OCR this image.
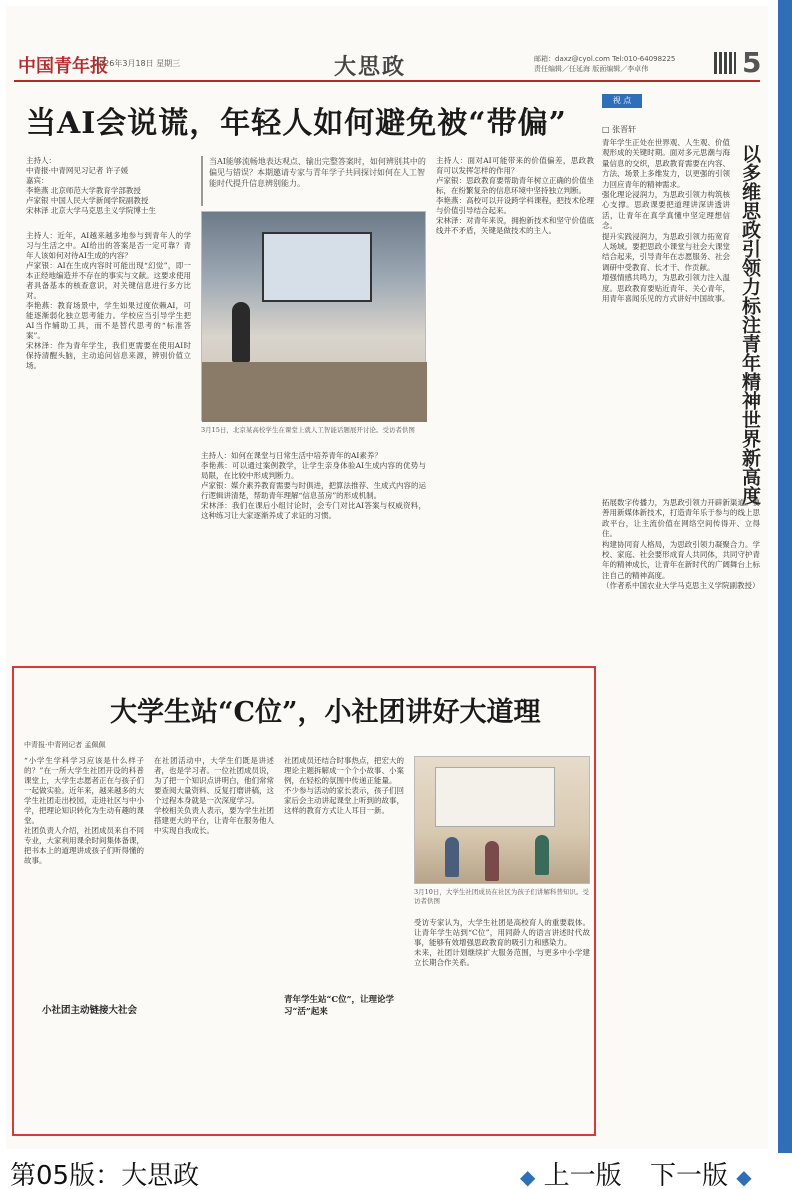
中国青年报
2026年3月18日 星期三	大思政	邮箱：daxz@cyol.com Tel:010-64098225
责任编辑／任延海 版面编辑／李卓伟	5
当AI会说谎，年轻人如何避免被“带偏”
主持人：
中青报·中青网见习记者 许子媛
嘉宾：
李艳燕 北京师范大学教育学部教授
卢家银 中国人民大学新闻学院副教授
宋林泽 北京大学马克思主义学院博士生
主持人：近年，AI越来越多地参与到青年人的学习与生活之中。AI给出的答案是否一定可靠？青年人该如何对待AI生成的内容？
卢家银：AI在生成内容时可能出现“幻觉”，即一本正经地编造并不存在的事实与文献。这要求使用者具备基本的核查意识，对关键信息进行多方比对。
李艳燕：教育场景中，学生如果过度依赖AI，可能逐渐弱化独立思考能力。学校应当引导学生把AI当作辅助工具，而不是替代思考的“标准答案”。
宋林泽：作为青年学生，我们更需要在使用AI时保持清醒头脑，主动追问信息来源，辨别价值立场。
当AI能够流畅地表达观点、输出完整答案时，如何辨别其中的偏见与错误？本期邀请专家与青年学子共同探讨如何在人工智能时代提升信息辨别能力。
3月15日，北京某高校学生在课堂上就人工智能话题展开讨论。受访者供图
主持人：如何在课堂与日常生活中培养青年的AI素养？
李艳燕：可以通过案例教学，让学生亲身体验AI生成内容的优势与局限，在比较中形成判断力。
卢家银：媒介素养教育需要与时俱进，把算法推荐、生成式内容的运行逻辑讲清楚，帮助青年理解“信息茧房”的形成机制。
宋林泽：我们在课后小组讨论时，会专门对比AI答案与权威资料，这种练习让大家逐渐养成了求证的习惯。
主持人：面对AI可能带来的价值偏差，思政教育可以发挥怎样的作用？
卢家银：思政教育要帮助青年树立正确的价值坐标，在纷繁复杂的信息环境中坚持独立判断。
李艳燕：高校可以开设跨学科课程，把技术伦理与价值引导结合起来。
宋林泽：对青年来说，拥抱新技术和坚守价值底线并不矛盾，关键是做技术的主人。
视 点
□ 张晋轩
以多维思政引领力标注青年精神世界新高度
青年学生正处在世界观、人生观、价值观形成的关键时期。面对多元思潮与海量信息的交织，思政教育需要在内容、方法、场景上多维发力，以更强的引领力回应青年的精神需求。
强化理论浸润力，为思政引领力构筑核心支撑。思政课要把道理讲深讲透讲活，让青年在真学真懂中坚定理想信念。
提升实践浸润力，为思政引领力拓宽育人场域。要把思政小课堂与社会大课堂结合起来，引导青年在志愿服务、社会调研中受教育、长才干、作贡献。
增强情感共鸣力，为思政引领力注入温度。思政教育要贴近青年、关心青年，用青年喜闻乐见的方式讲好中国故事。
拓展数字传播力，为思政引领力开辟新渠道。要善用新媒体新技术，打造青年乐于参与的线上思政平台，让主流价值在网络空间传得开、立得住。
构建协同育人格局，为思政引领力凝聚合力。学校、家庭、社会要形成育人共同体，共同守护青年的精神成长，让青年在新时代的广阔舞台上标注自己的精神高度。
（作者系中国农业大学马克思主义学院副教授）
大学生站“C位”，小社团讲好大道理
中青报·中青网记者 孟佩佩
“小学生学科学习应该是什么样子的？”在一所大学生社团开设的科普课堂上，大学生志愿者正在与孩子们一起做实验。近年来，越来越多的大学生社团走出校园，走进社区与中小学，把理论知识转化为生动有趣的课堂。
社团负责人介绍，社团成员来自不同专业，大家利用课余时间集体备课，把书本上的道理讲成孩子们听得懂的故事。
小社团主动链接大社会
在社团活动中，大学生们既是讲述者，也是学习者。一位社团成员说，为了把一个知识点讲明白，他们常常要查阅大量资料、反复打磨讲稿，这个过程本身就是一次深度学习。
学校相关负责人表示，要为学生社团搭建更大的平台，让青年在服务他人中实现自我成长。
社团成员还结合时事热点，把宏大的理论主题拆解成一个个小故事、小案例，在轻松的氛围中传递正能量。
不少参与活动的家长表示，孩子们回家后会主动讲起课堂上听到的故事，这样的教育方式让人耳目一新。
青年学生站“C位”，让理论学习“活”起来
受访专家认为，大学生社团是高校育人的重要载体。让青年学生站到“C位”，用同龄人的语言讲述时代故事，能够有效增强思政教育的吸引力和感染力。
未来，社团计划继续扩大服务范围，与更多中小学建立长期合作关系。
3月10日，大学生社团成员在社区为孩子们讲解科普知识。受访者供图
第05版：大思政	◆ 上一版 下一版 ◆
